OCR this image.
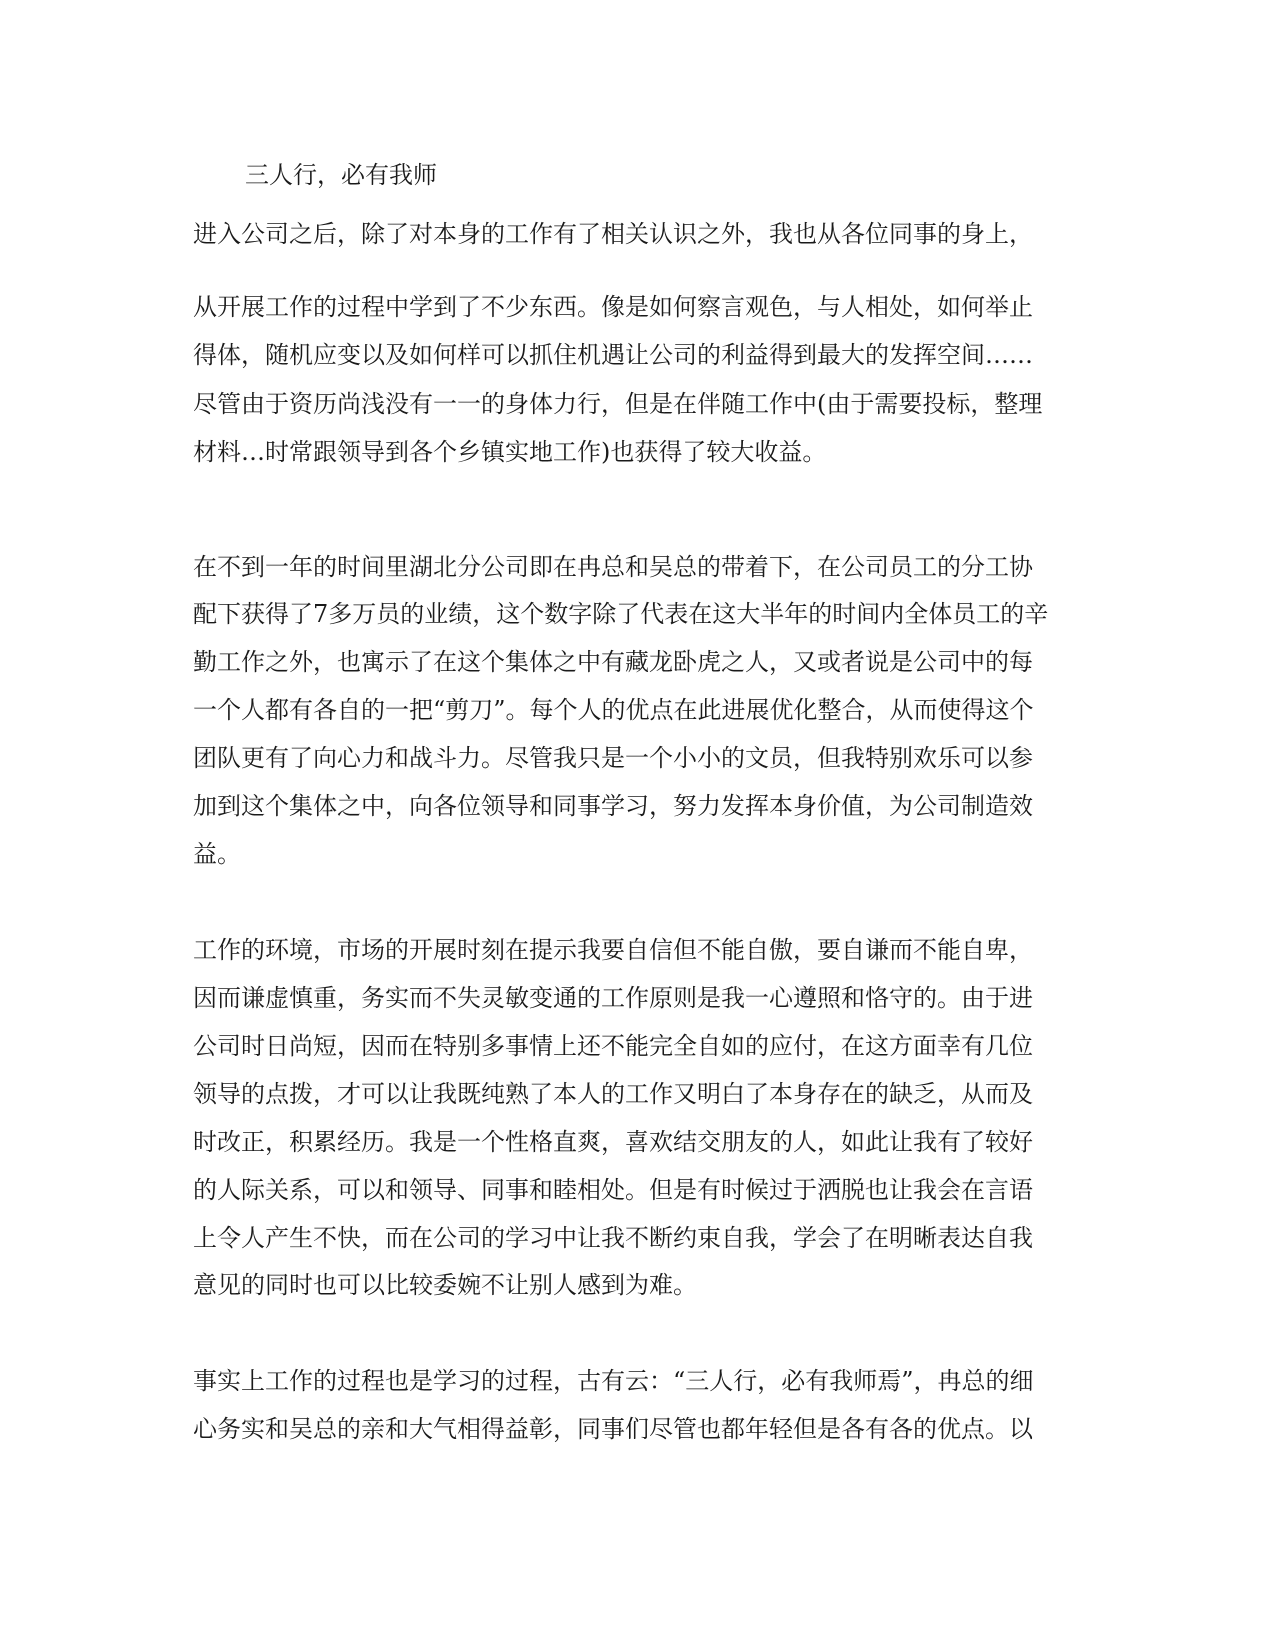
三人行，必有我师

进入公司之后，除了对本身的工作有了相关认识之外，我也从各位同事的身上，

从开展工作的过程中学到了不少东西。像是如何察言观色，与人相处，如何举止

得体，随机应变以及如何样可以抓住机遇让公司的利益得到最大的发挥空间……

尽管由于资历尚浅没有一一的身体力行，但是在伴随工作中(由于需要投标，整理

材料…时常跟领导到各个乡镇实地工作)也获得了较大收益。

在不到一年的时间里湖北分公司即在冉总和吴总的带着下，在公司员工的分工协

配下获得了7多万员的业绩，这个数字除了代表在这大半年的时间内全体员工的辛

勤工作之外，也寓示了在这个集体之中有藏龙卧虎之人，又或者说是公司中的每

一个人都有各自的一把“剪刀”。每个人的优点在此进展优化整合，从而使得这个

团队更有了向心力和战斗力。尽管我只是一个小小的文员，但我特别欢乐可以参

加到这个集体之中，向各位领导和同事学习，努力发挥本身价值，为公司制造效

益。

工作的环境，市场的开展时刻在提示我要自信但不能自傲，要自谦而不能自卑，

因而谦虚慎重，务实而不失灵敏变通的工作原则是我一心遵照和恪守的。由于进

公司时日尚短，因而在特别多事情上还不能完全自如的应付，在这方面幸有几位

领导的点拨，才可以让我既纯熟了本人的工作又明白了本身存在的缺乏，从而及

时改正，积累经历。我是一个性格直爽，喜欢结交朋友的人，如此让我有了较好

的人际关系，可以和领导、同事和睦相处。但是有时候过于洒脱也让我会在言语

上令人产生不快，而在公司的学习中让我不断约束自我，学会了在明晰表达自我

意见的同时也可以比较委婉不让别人感到为难。

事实上工作的过程也是学习的过程，古有云：“三人行，必有我师焉”，冉总的细

心务实和吴总的亲和大气相得益彰，同事们尽管也都年轻但是各有各的优点。以
